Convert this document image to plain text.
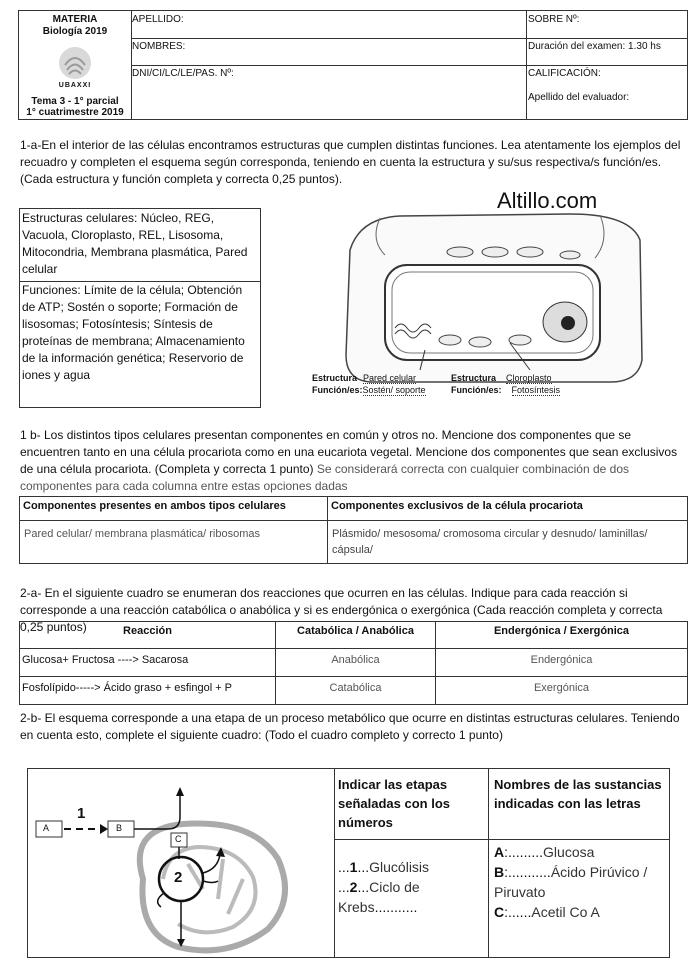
MATERIA
Biología 2019
UBAXXI
Tema 3 - 1° parcial
1° cuatrimestre 2019
APELLIDO:	SOBRE Nº:
NOMBRES:	Duración del examen: 1.30 hs
DNI/CI/LC/LE/PAS. Nº:	CALIFICACIÓN:
Apellido del evaluador:
1-a-En el interior de las células encontramos estructuras que cumplen distintas funciones. Lea atentamente los ejemplos del recuadro y completen el esquema según corresponda, teniendo en cuenta la estructura y su/sus respectiva/s función/es. (Cada estructura y función completa y correcta 0,25 puntos).
Estructuras celulares: Núcleo, REG, Vacuola, Cloroplasto, REL, Lisosoma, Mitocondria, Membrana plasmática, Pared celular
Funciones: Límite de la célula; Obtención de ATP; Sostén o soporte; Formación de lisosomas; Fotosíntesis; Síntesis de proteínas de membrana; Almacenamiento de la información genética; Reservorio de iones y agua
Altillo.com
Estructura Pared celular
Función/es:Sostén/ soporte
Estructura Cloroplasto
Función/es: Fotosíntesis
1 b- Los distintos tipos celulares presentan componentes en común y otros no. Mencione dos componentes que se encuentren tanto en una célula procariota como en una eucariota vegetal. Mencione dos componentes que sean exclusivos de una célula procariota. (Completa y correcta 1 punto) Se considerará correcta con cualquier combinación de dos componentes para cada columna entre estas opciones dadas
Componentes presentes en ambos tipos celulares	Componentes exclusivos de la célula procariota
Pared celular/ membrana plasmática/ ribosomas	Plásmido/ mesosoma/ cromosoma circular y desnudo/ laminillas/ cápsula/
2-a- En el siguiente cuadro se enumeran dos reacciones que ocurren en las células. Indique para cada reacción si corresponde a una reacción catabólica o anabólica y si es endergónica o exergónica (Cada reacción completa y correcta 0,25 puntos)	Reacción	Catabólica / Anabólica	Endergónica / Exergónica
Glucosa+ Fructosa ----> Sacarosa	Anabólica	Endergónica
Fosfolípido-----> Ácido graso + esfingol + P	Catabólica	Exergónica
2-b- El esquema corresponde a una etapa de un proceso metabólico que ocurre en distintas estructuras celulares. Teniendo en cuenta esto, complete el siguiente cuadro: (Todo el cuadro completo y correcto 1 punto)
A	B
C
1
2
Indicar las etapas señaladas con los números
Nombres de las sustancias indicadas con las letras
...1...Glucólisis
...2...Ciclo de Krebs...........
A:.........Glucosa
B:...........Ácido Pirúvico / Piruvato
C:......Acetil Co A
